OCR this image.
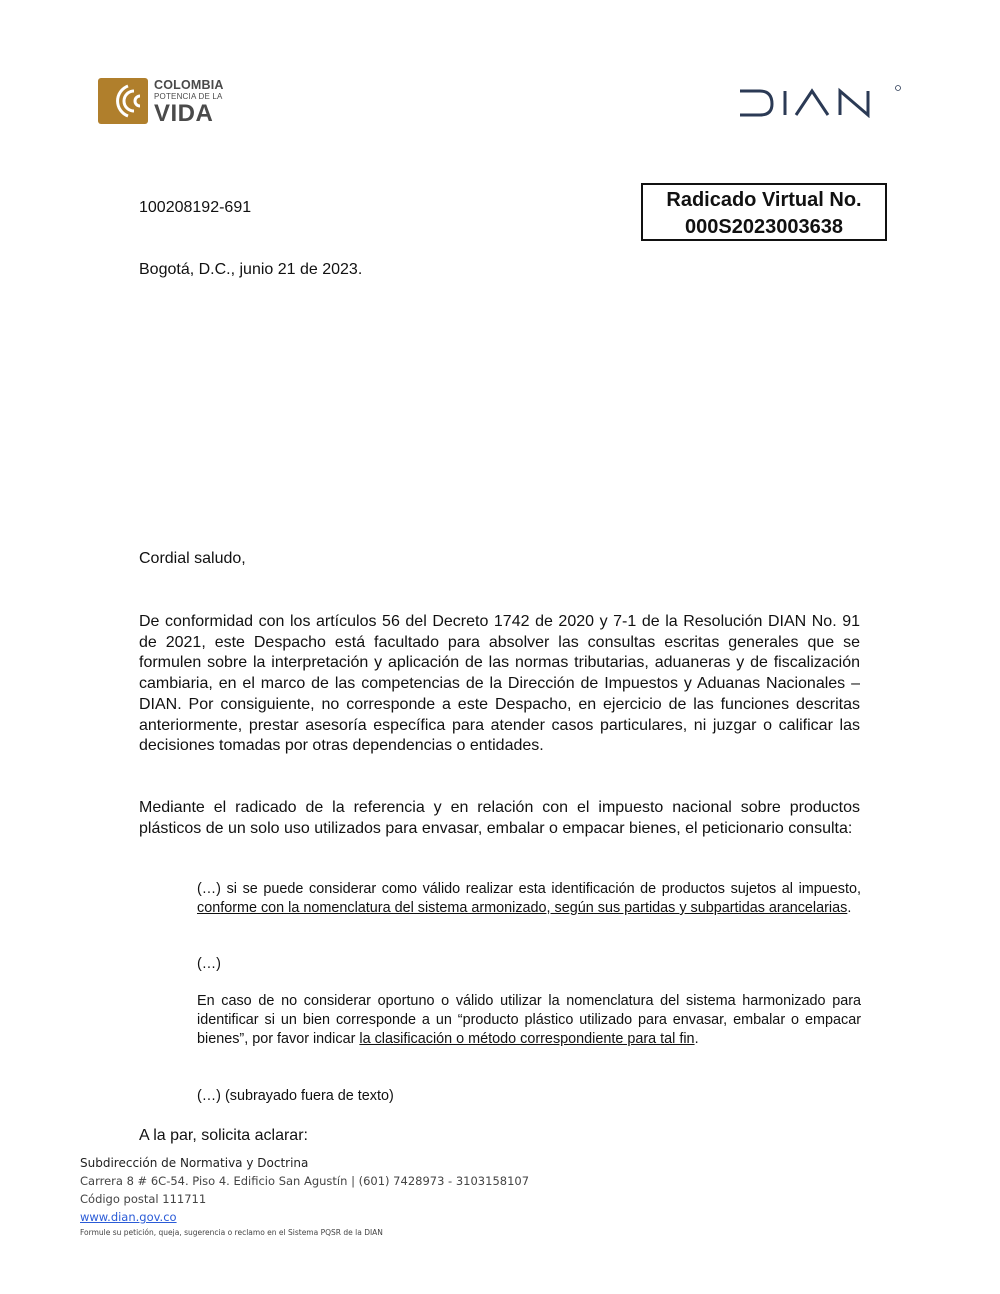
COLOMBIA
POTENCIA DE LA
VIDA
100208192-691	Radicado Virtual No.
000S2023003638
Bogotá, D.C., junio 21 de 2023.
Cordial saludo,
De conformidad con los artículos 56 del Decreto 1742 de 2020 y 7-1 de la Resolución DIAN No. 91 de 2021, este Despacho está facultado para absolver las consultas escritas generales que se formulen sobre la interpretación y aplicación de las normas tributarias, aduaneras y de fiscalización cambiaria, en el marco de las competencias de la Dirección de Impuestos y Aduanas Nacionales – DIAN. Por consiguiente, no corresponde a este Despacho, en ejercicio de las funciones descritas anteriormente, prestar asesoría específica para atender casos particulares, ni juzgar o calificar las decisiones tomadas por otras dependencias o entidades.
Mediante el radicado de la referencia y en relación con el impuesto nacional sobre productos plásticos de un solo uso utilizados para envasar, embalar o empacar bienes, el peticionario consulta:
(…) si se puede considerar como válido realizar esta identificación de productos sujetos al impuesto, conforme con la nomenclatura del sistema armonizado, según sus partidas y subpartidas arancelarias.
(…)
En caso de no considerar oportuno o válido utilizar la nomenclatura del sistema harmonizado para identificar si un bien corresponde a un “producto plástico utilizado para envasar, embalar o empacar bienes”, por favor indicar la clasificación o método correspondiente para tal fin.
(…) (subrayado fuera de texto)
A la par, solicita aclarar:
Subdirección de Normativa y Doctrina
Carrera 8 # 6C-54. Piso 4. Edificio San Agustín | (601) 7428973 - 3103158107
Código postal 111711
www.dian.gov.co
Formule su petición, queja, sugerencia o reclamo en el Sistema PQSR de la DIAN
